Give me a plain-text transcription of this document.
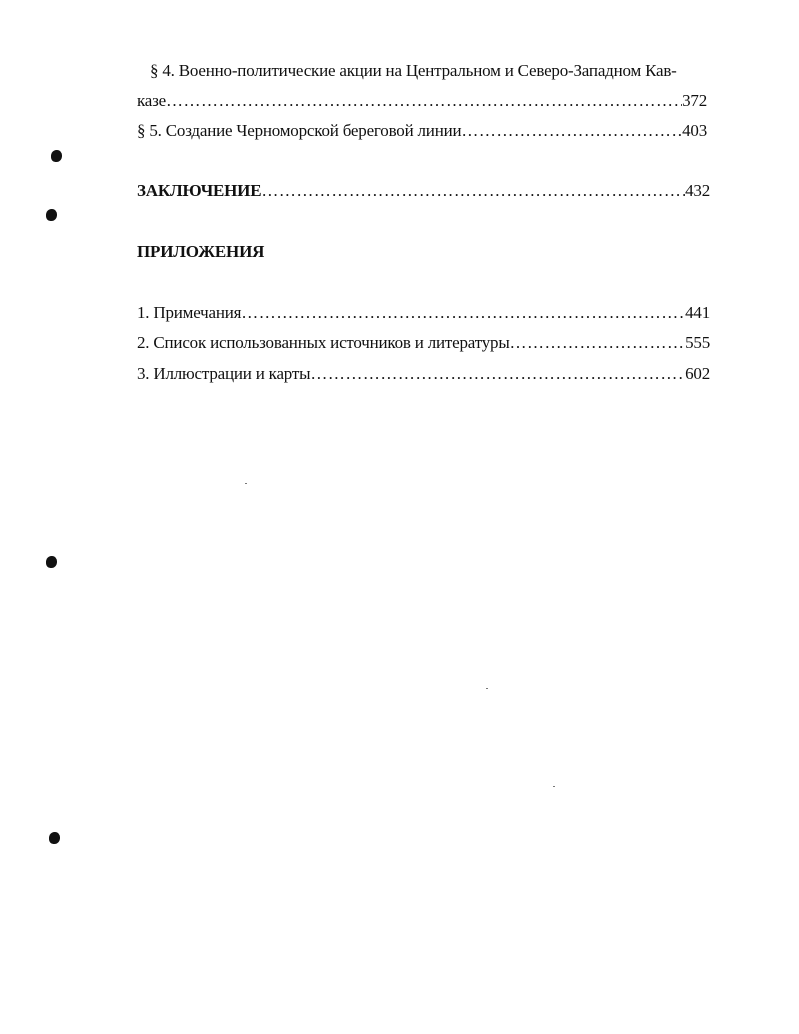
§ 4. Военно-политические акции на Центральном и Северо-Западном Кав-
казе …………………………………………………………………………………………………………………………………………………………………………………………………………	372
§ 5. Создание Черноморской береговой линии …………………………………………………………………………………………………………………………………………………………………………………………………………	403
ЗАКЛЮЧЕНИЕ …………………………………………………………………………………………………………………………………………………………………………………………………………	432
ПРИЛОЖЕНИЯ
1. Примечания …………………………………………………………………………………………………………………………………………………………………………………………………………	441
2. Список использованных источников и литературы …………………………………………………………………………………………………………………………………………………………………………………………………………	555
3. Иллюстрации и карты …………………………………………………………………………………………………………………………………………………………………………………………………………	602
